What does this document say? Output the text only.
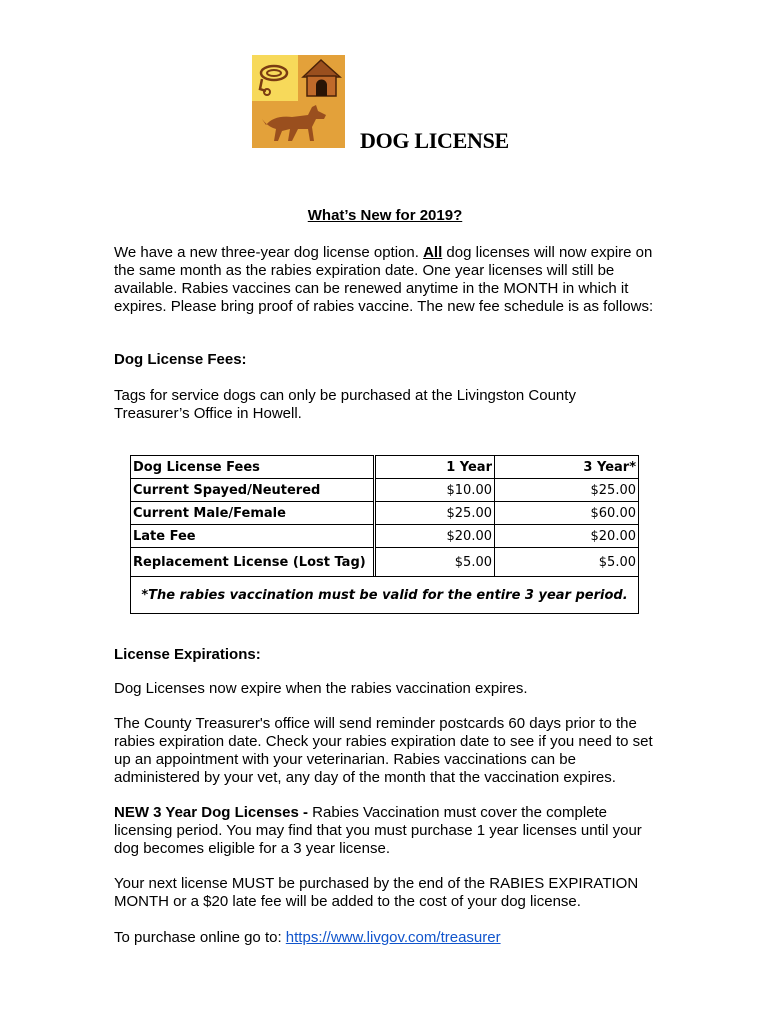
DOG LICENSE
What’s New for 2019?
We have a new three-year dog license option. All dog licenses will now expire on the same month as the rabies expiration date. One year licenses will still be available. Rabies vaccines can be renewed anytime in the MONTH in which it expires. Please bring proof of rabies vaccine. The new fee schedule is as follows:
Dog License Fees:
Tags for service dogs can only be purchased at the Livingston County Treasurer’s Office in Howell.
Dog License Fees		1 Year	3 Year*
Current Spayed/Neutered		$10.00	$25.00
Current Male/Female		$25.00	$60.00
Late Fee		$20.00	$20.00
Replacement License (Lost Tag)		$5.00	$5.00
*The rabies vaccination must be valid for the entire 3 year period.			
License Expirations:
Dog Licenses now expire when the rabies vaccination expires.
The County Treasurer's office will send reminder postcards 60 days prior to the rabies expiration date. Check your rabies expiration date to see if you need to set up an appointment with your veterinarian. Rabies vaccinations can be administered by your vet, any day of the month that the vaccination expires.
NEW 3 Year Dog Licenses - Rabies Vaccination must cover the complete licensing period. You may find that you must purchase 1 year licenses until your dog becomes eligible for a 3 year license.
Your next license MUST be purchased by the end of the RABIES EXPIRATION MONTH or a $20 late fee will be added to the cost of your dog license.
To purchase online go to: https://www.livgov.com/treasurer
